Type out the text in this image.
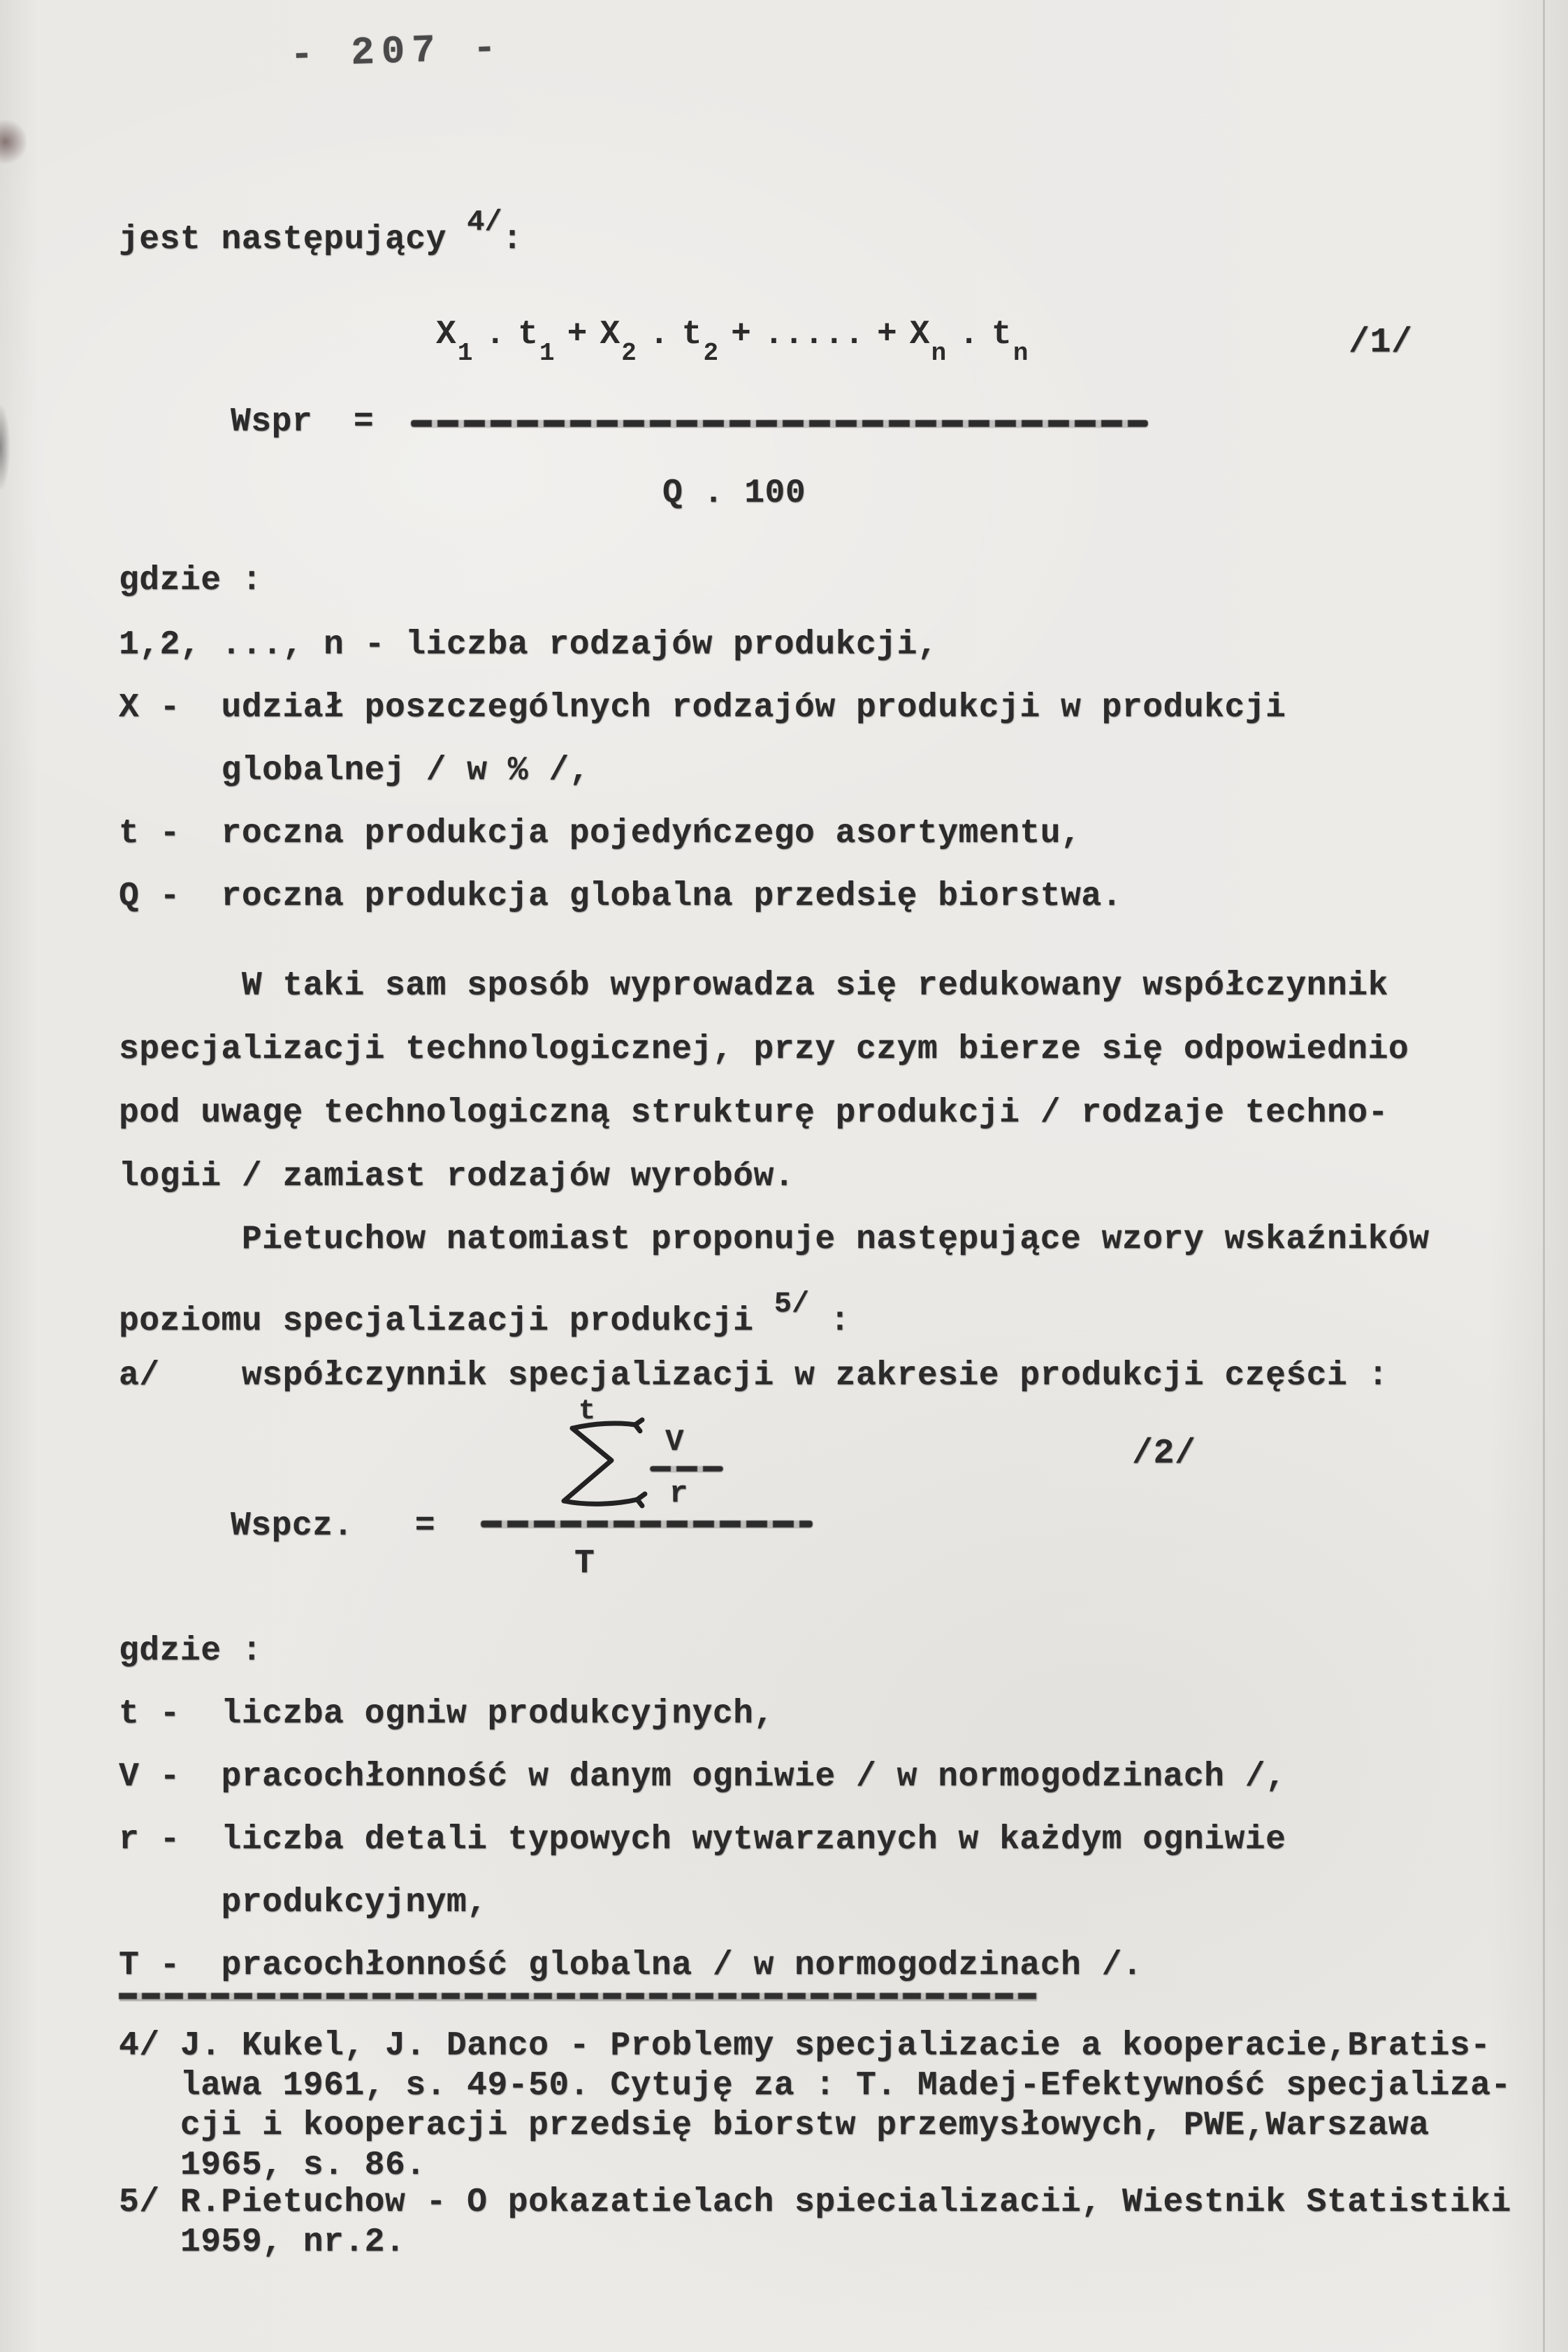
- 207 -
jest następujący 4/:
X1 . t1 + X2 . t2 + ..... + Xn . tn	/1/
Wspr  =
Q . 100
gdzie :
1,2, ..., n - liczba rodzajów produkcji,
X -  udział poszczególnych rodzajów produkcji w produkcji
globalnej / w % /,
t -  roczna produkcja pojedyńczego asortymentu,
Q -  roczna produkcja globalna przedsię biorstwa.
W taki sam sposób wyprowadza się redukowany współczynnik
specjalizacji technologicznej, przy czym bierze się odpowiednio
pod uwagę technologiczną strukturę produkcji / rodzaje techno-
logii / zamiast rodzajów wyrobów.
Pietuchow natomiast proponuje następujące wzory wskaźników
poziomu specjalizacji produkcji 5/ :
a/    współczynnik specjalizacji w zakresie produkcji części :
t
V
r
/2/
Wspcz.   =
T
gdzie :
t -  liczba ogniw produkcyjnych,
V -  pracochłonność w danym ogniwie / w normogodzinach /,
r -  liczba detali typowych wytwarzanych w każdym ogniwie
produkcyjnym,
T -  pracochłonność globalna / w normogodzinach /.
4/ J. Kukel, J. Danco - Problemy specjalizacie a kooperacie,Bratis-
lawa 1961, s. 49-50. Cytuję za : T. Madej-Efektywność specjaliza-
cji i kooperacji przedsię biorstw przemysłowych, PWE,Warszawa
1965, s. 86.
5/ R.Pietuchow - O pokazatielach spiecializacii, Wiestnik Statistiki
1959, nr.2.
